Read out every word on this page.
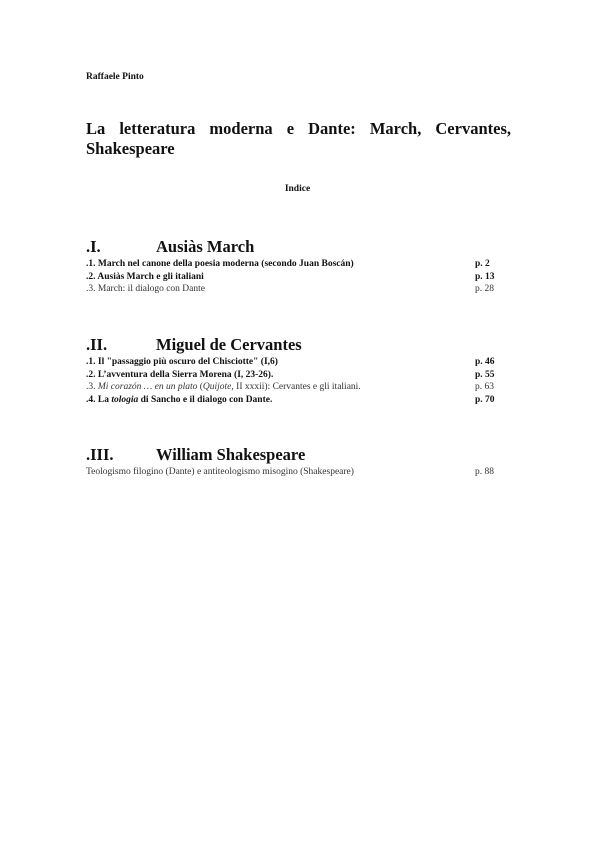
Raffaele Pinto
La letteratura moderna e Dante: March, Cervantes, Shakespeare
Indice
.I.	Ausiàs March
.1. March nel canone della poesia moderna (secondo Juan Boscán)	p. 2
.2. Ausiàs March e gli italiani	p. 13
.3. March: il dialogo con Dante	p. 28
.II.	Miguel de Cervantes
.1. Il "passaggio più oscuro del Chisciotte" (I,6)	p. 46
.2. L’avventura della Sierra Morena (I, 23-26).	p. 55
.3. Mi corazón … en un plato (Quijote, II xxxii): Cervantes e gli italiani.	p. 63
.4. La tologia di Sancho e il dialogo con Dante.	p. 70
.III.	William Shakespeare
Teologismo filogino (Dante) e antiteologismo misogino (Shakespeare)	p. 88
